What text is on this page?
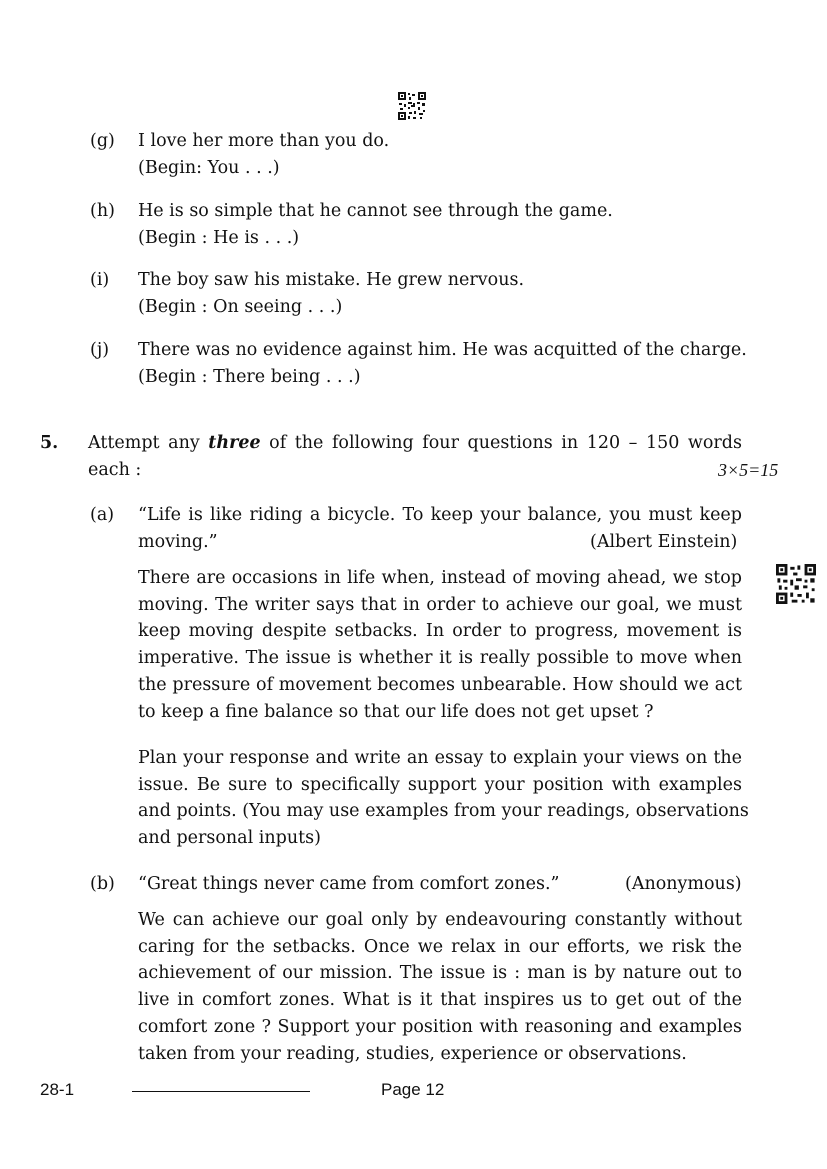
(g) I love her more than you do.
(Begin: You . . .)
(h) He is so simple that he cannot see through the game.
(Begin : He is . . .)
(i) The boy saw his mistake. He grew nervous.
(Begin : On seeing . . .)
(j) There was no evidence against him. He was acquitted of the charge.
(Begin : There being . . .)
5. Attempt any three of the following four questions in 120 – 150 words
each :	3×5=15
(a) “Life is like riding a bicycle. To keep your balance, you must keep
moving.”	(Albert Einstein)
There are occasions in life when, instead of moving ahead, we stop
moving. The writer says that in order to achieve our goal, we must
keep moving despite setbacks. In order to progress, movement is
imperative. The issue is whether it is really possible to move when
the pressure of movement becomes unbearable. How should we act
to keep a fine balance so that our life does not get upset ?
Plan your response and write an essay to explain your views on the
issue. Be sure to specifically support your position with examples
and points. (You may use examples from your readings, observations
and personal inputs)
(b) “Great things never came from comfort zones.”	(Anonymous)
We can achieve our goal only by endeavouring constantly without
caring for the setbacks. Once we relax in our efforts, we risk the
achievement of our mission. The issue is : man is by nature out to
live in comfort zones. What is it that inspires us to get out of the
comfort zone ? Support your position with reasoning and examples
taken from your reading, studies, experience or observations.
28-1	Page 12
